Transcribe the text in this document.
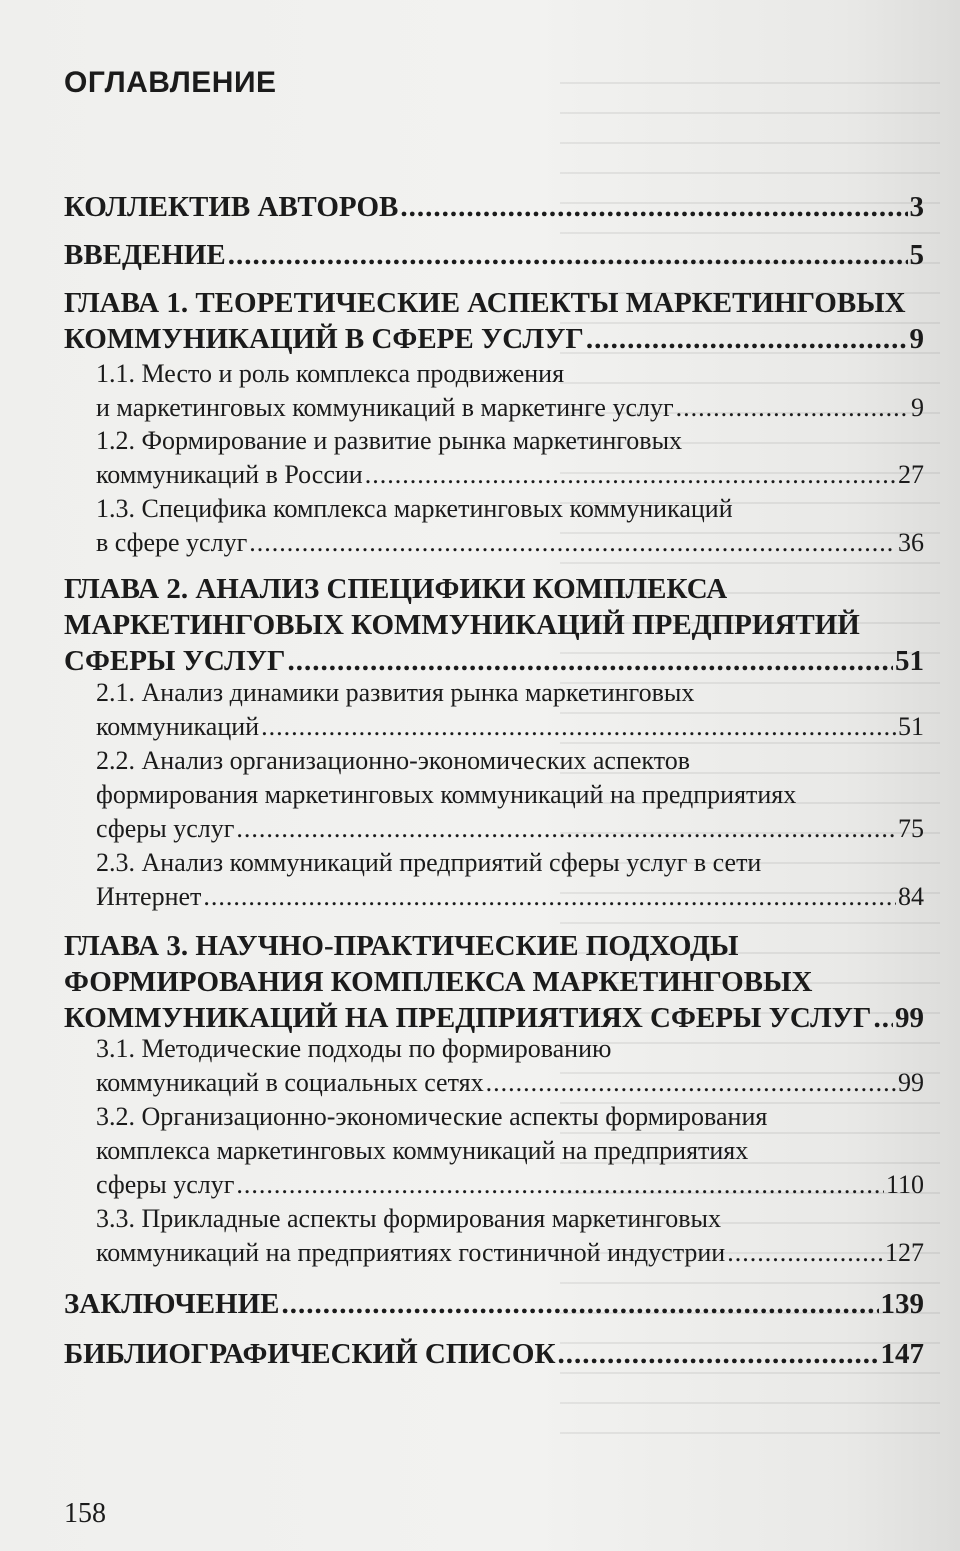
ОГЛАВЛЕНИЕ
КОЛЛЕКТИВ АВТОРОВ .....	3
ВВЕДЕНИЕ .....	5
ГЛАВА 1. ТЕОРЕТИЧЕСКИЕ АСПЕКТЫ МАРКЕТИНГОВЫХ
КОММУНИКАЦИЙ В СФЕРЕ УСЛУГ .....	9
1.1. Место и роль комплекса продвижения
и маркетинговых коммуникаций в маркетинге услуг .....	9
1.2. Формирование и развитие рынка маркетинговых
коммуникаций в России .....	27
1.3. Специфика комплекса маркетинговых коммуникаций
в сфере услуг .....	36
ГЛАВА 2. АНАЛИЗ СПЕЦИФИКИ КОМПЛЕКСА
МАРКЕТИНГОВЫХ КОММУНИКАЦИЙ ПРЕДПРИЯТИЙ
СФЕРЫ УСЛУГ .....	51
2.1. Анализ динамики развития рынка маркетинговых
коммуникаций .....	51
2.2. Анализ организационно-экономических аспектов
формирования маркетинговых коммуникаций на предприятиях
сферы услуг .....	75
2.3. Анализ коммуникаций предприятий сферы услуг в сети
Интернет .....	84
ГЛАВА 3. НАУЧНО-ПРАКТИЧЕСКИЕ ПОДХОДЫ
ФОРМИРОВАНИЯ КОМПЛЕКСА МАРКЕТИНГОВЫХ
КОММУНИКАЦИЙ НА ПРЕДПРИЯТИЯХ СФЕРЫ УСЛУГ ..... 99
3.1. Методические подходы по формированию
коммуникаций в социальных сетях .....	99
3.2. Организационно-экономические аспекты формирования
комплекса маркетинговых коммуникаций на предприятиях
сферы услуг .....	110
3.3. Прикладные аспекты формирования маркетинговых
коммуникаций на предприятиях гостиничной индустрии .....	127
ЗАКЛЮЧЕНИЕ .....	139
БИБЛИОГРАФИЧЕСКИЙ СПИСОК .....	147
158
